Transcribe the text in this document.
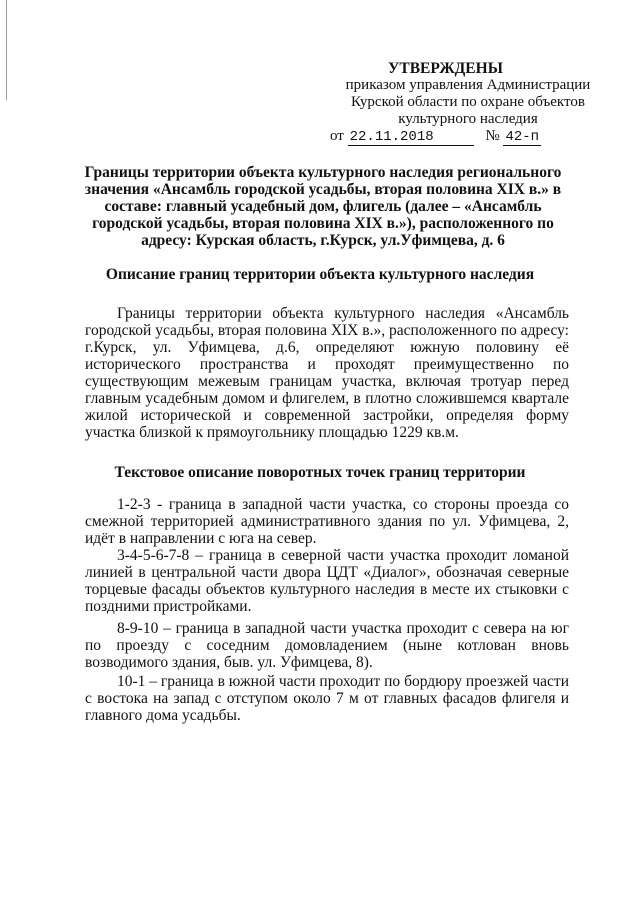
УТВЕРЖДЕНЫ
приказом управления Администрации
Курской области по охране объектов
культурного наследия
от 22.11.2018	№ 42-п
Границы территории объекта культурного наследия регионального значения «Ансамбль городской усадьбы, вторая половина XIX в.» в составе: главный усадебный дом, флигель (далее – «Ансамбль городской усадьбы, вторая половина XIX в.»), расположенного по адресу: Курская область, г.Курск, ул.Уфимцева, д. 6
Описание границ территории объекта культурного наследия

Границы территории объекта культурного наследия «Ансамбль городской усадьбы, вторая половина XIX в.», расположенного по адресу: г.Курск, ул. Уфимцева, д.6, определяют южную половину её исторического пространства и проходят преимущественно по существующим межевым границам участка, включая тротуар перед главным усадебным домом и флигелем, в плотно сложившемся квартале жилой исторической и современной застройки, определяя форму участка близкой к прямоугольнику площадью 1229 кв.м.

Текстовое описание поворотных точек границ территории

1-2-3 - граница в западной части участка, со стороны проезда со смежной территорией административного здания по ул. Уфимцева, 2, идёт в направлении с юга на север.

3-4-5-6-7-8 – граница в северной части участка проходит ломаной линией в центральной части двора ЦДТ «Диалог», обозначая северные торцевые фасады объектов культурного наследия в месте их стыковки с поздними пристройками.

8-9-10 – граница в западной части участка проходит с севера на юг по проезду с соседним домовладением (ныне котлован вновь возводимого здания, быв. ул. Уфимцева, 8).

10-1 – граница в южной части проходит по бордюру проезжей части с востока на запад с отступом около 7 м от главных фасадов флигеля и главного дома усадьбы.
